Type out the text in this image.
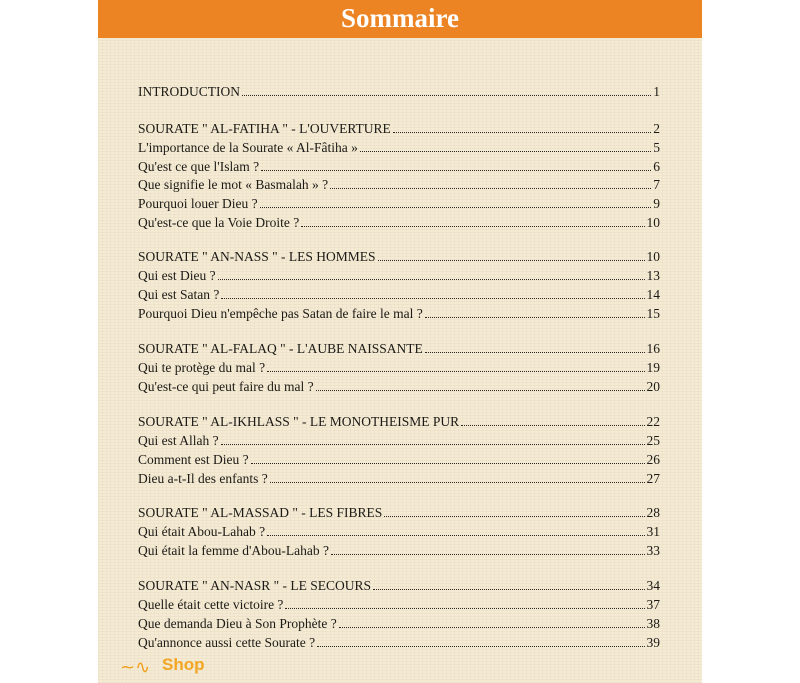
Sommaire
INTRODUCTION	1
SOURATE " AL-FATIHA " - L'OUVERTURE	2
L'importance de la Sourate « Al-Fâtiha »	5
Qu'est ce que l'Islam ?	6
Que signifie le mot « Basmalah » ?	7
Pourquoi louer Dieu ?	9
Qu'est-ce que la Voie Droite ?	10
SOURATE " AN-NASS " - LES HOMMES	10
Qui est Dieu ?	13
Qui est Satan ?	14
Pourquoi Dieu n'empêche pas Satan de faire le mal ?	15
SOURATE " AL-FALAQ " - L'AUBE NAISSANTE	16
Qui te protège du mal ?	19
Qu'est-ce qui peut faire du mal ?	20
SOURATE " AL-IKHLASS " - LE MONOTHEISME PUR	22
Qui est Allah ?	25
Comment est Dieu ?	26
Dieu a-t-Il des enfants ?	27
SOURATE " AL-MASSAD " - LES FIBRES	28
Qui était Abou-Lahab ?	31
Qui était la femme d'Abou-Lahab ?	33
SOURATE " AN-NASR " - LE SECOURS	34
Quelle était cette victoire ?	37
Que demanda Dieu à Son Prophète ?	38
Qu'annonce aussi cette Sourate ?	39
~∿ Shop
